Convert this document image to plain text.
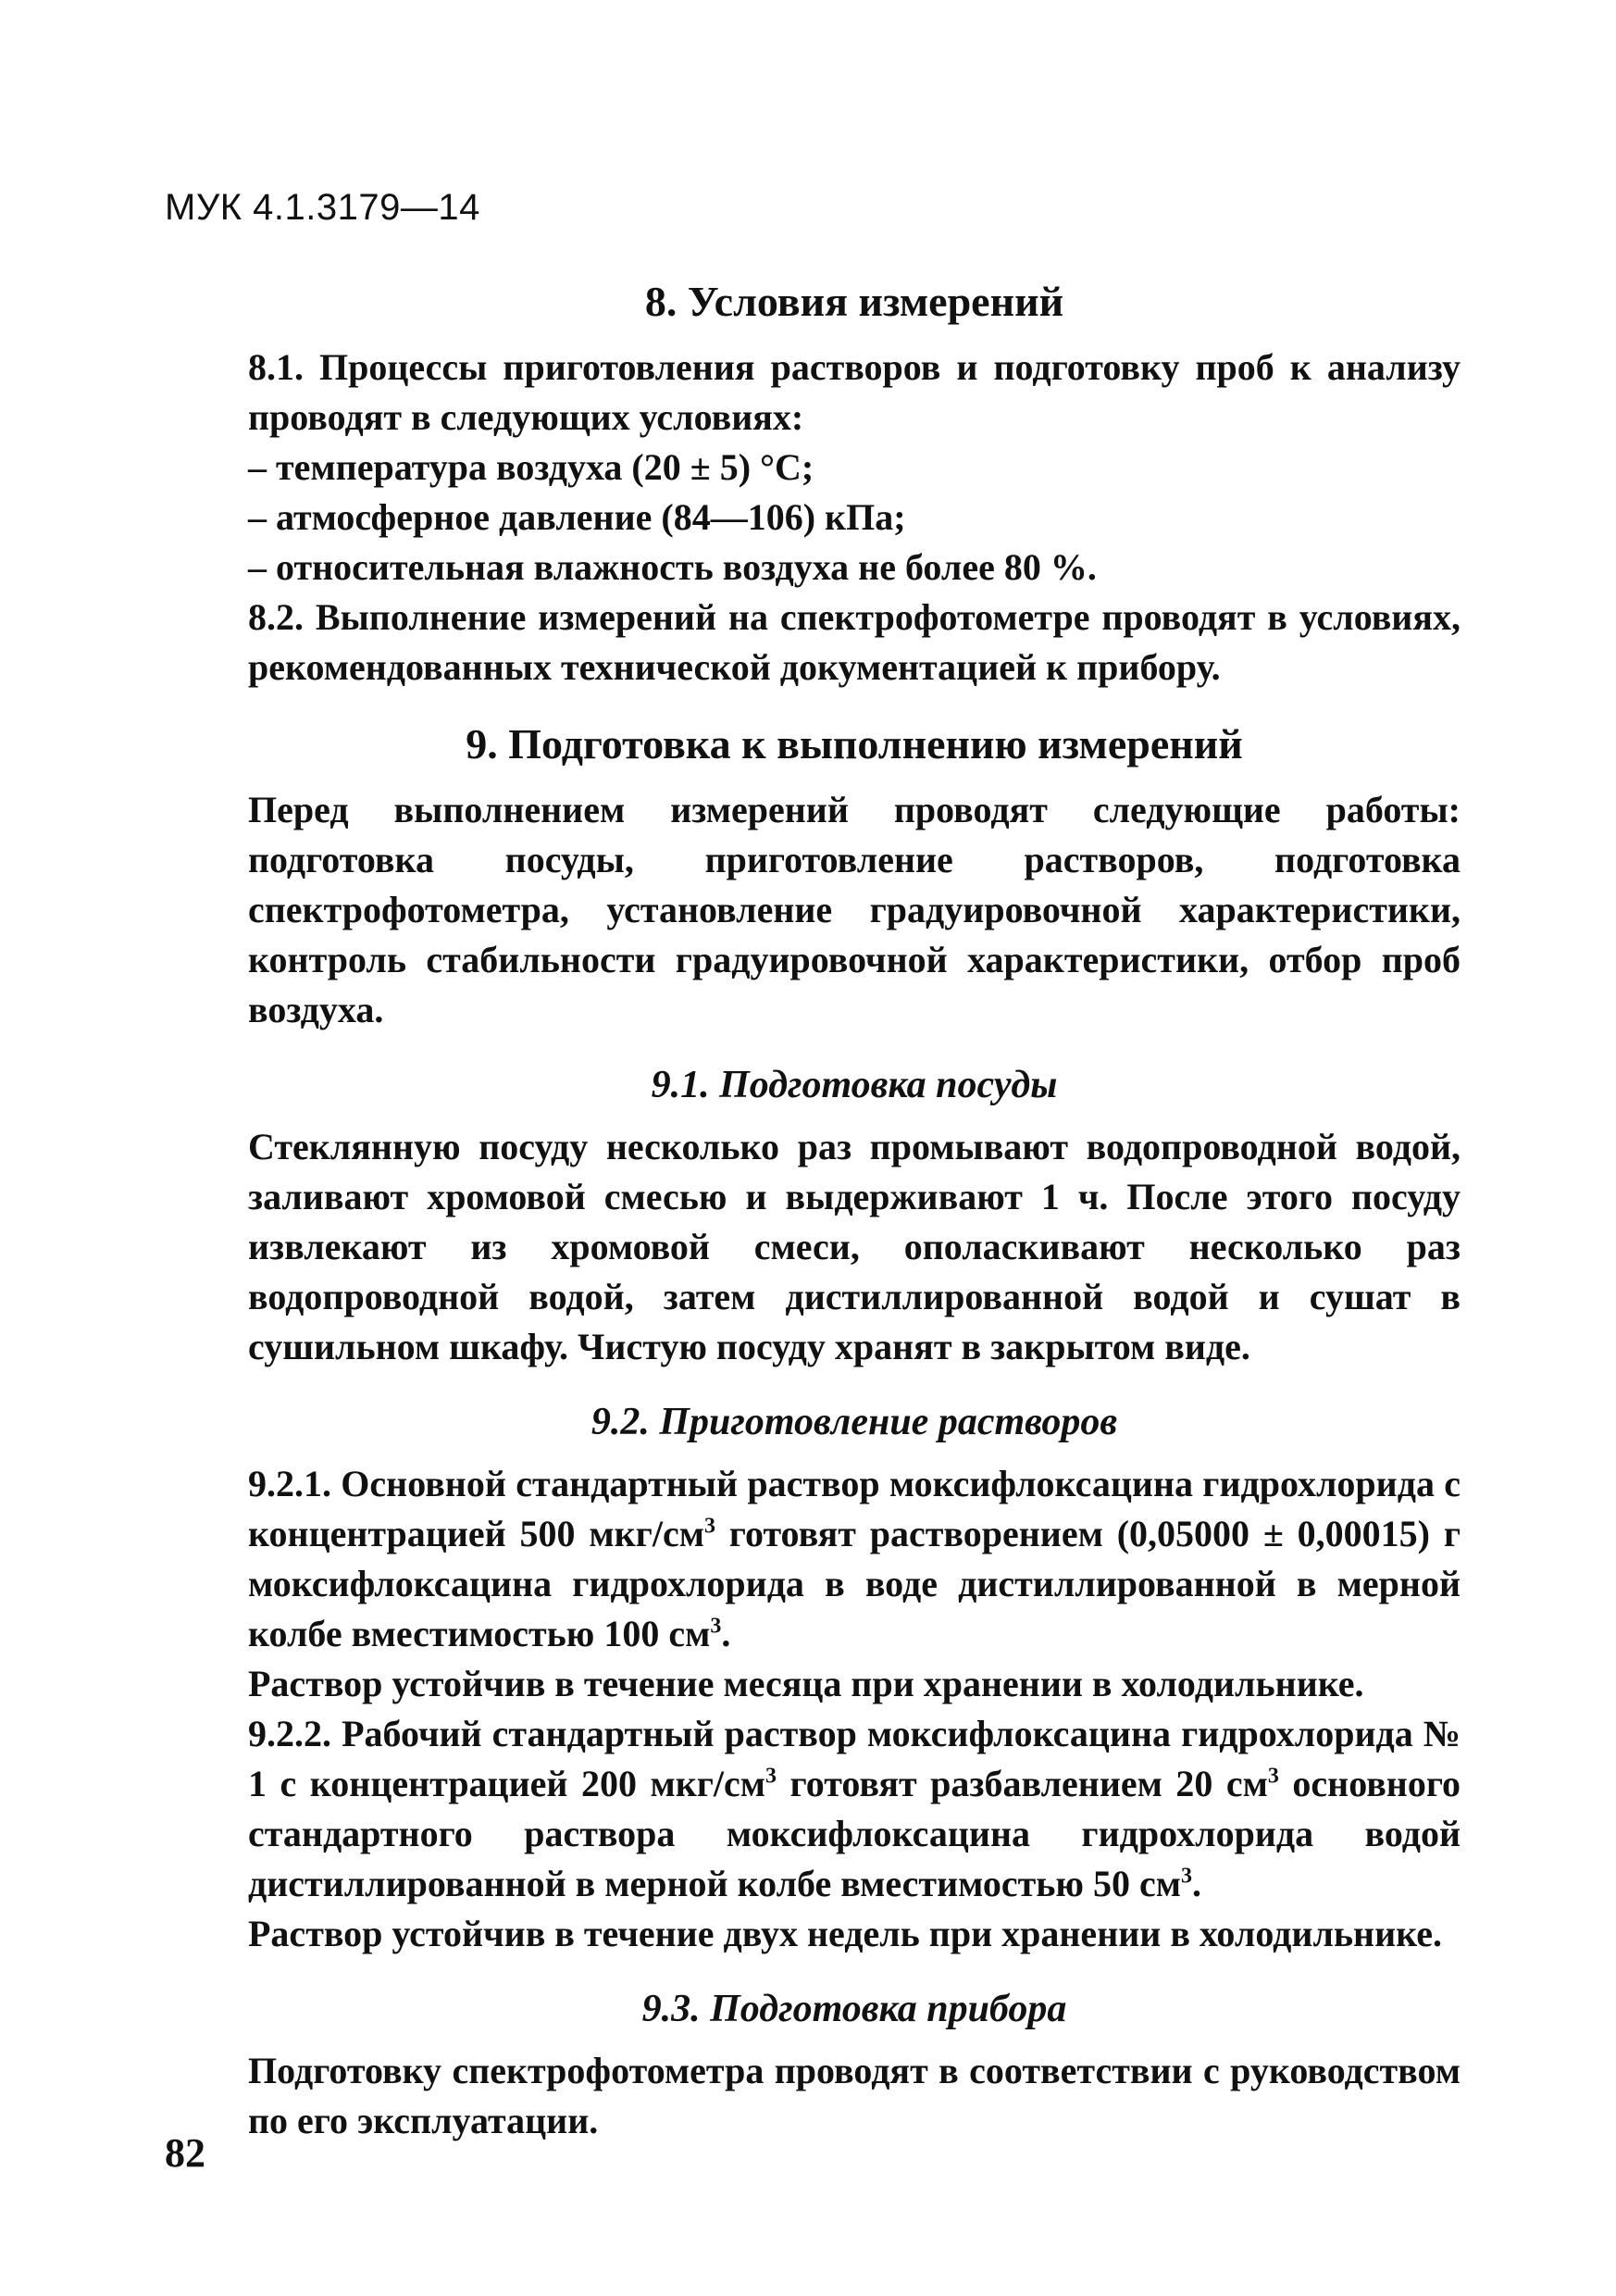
МУК 4.1.3179—14
8. Условия измерений

8.1. Процессы приготовления растворов и подготовку проб к анализу проводят в следующих условиях:

– температура воздуха (20 ± 5) °C;
– атмосферное давление (84—106) кПа;
– относительная влажность воздуха не более 80 %.

8.2. Выполнение измерений на спектрофотометре проводят в условиях, рекомендованных технической документацией к прибору.

9. Подготовка к выполнению измерений

Перед выполнением измерений проводят следующие работы: подготовка посуды, приготовление растворов, подготовка спектрофотометра, установление градуировочной характеристики, контроль стабильности градуировочной характеристики, отбор проб воздуха.

9.1. Подготовка посуды

Стеклянную посуду несколько раз промывают водопроводной водой, заливают хромовой смесью и выдерживают 1 ч. После этого посуду извлекают из хромовой смеси, ополаскивают несколько раз водопроводной водой, затем дистиллированной водой и сушат в сушильном шкафу. Чистую посуду хранят в закрытом виде.

9.2. Приготовление растворов

9.2.1. Основной стандартный раствор моксифлоксацина гидрохлорида с концентрацией 500 мкг/$см^3$ готовят растворением (0,05000 ± 0,00015) г моксифлоксацина гидрохлорида в воде дистиллированной в мерной колбе вместимостью 100 $см^3$.

Раствор устойчив в течение месяца при хранении в холодильнике.

9.2.2. Рабочий стандартный раствор моксифлоксацина гидрохлорида № 1 с концентрацией 200 мкг/$см^3$ готовят разбавлением 20 $см^3$ основного стандартного раствора моксифлоксацина гидрохлорида водой дистиллированной в мерной колбе вместимостью 50 $см^3$.

Раствор устойчив в течение двух недель при хранении в холодильнике.

9.3. Подготовка прибора

Подготовку спектрофотометра проводят в соответствии с руководством по его эксплуатации.

82
